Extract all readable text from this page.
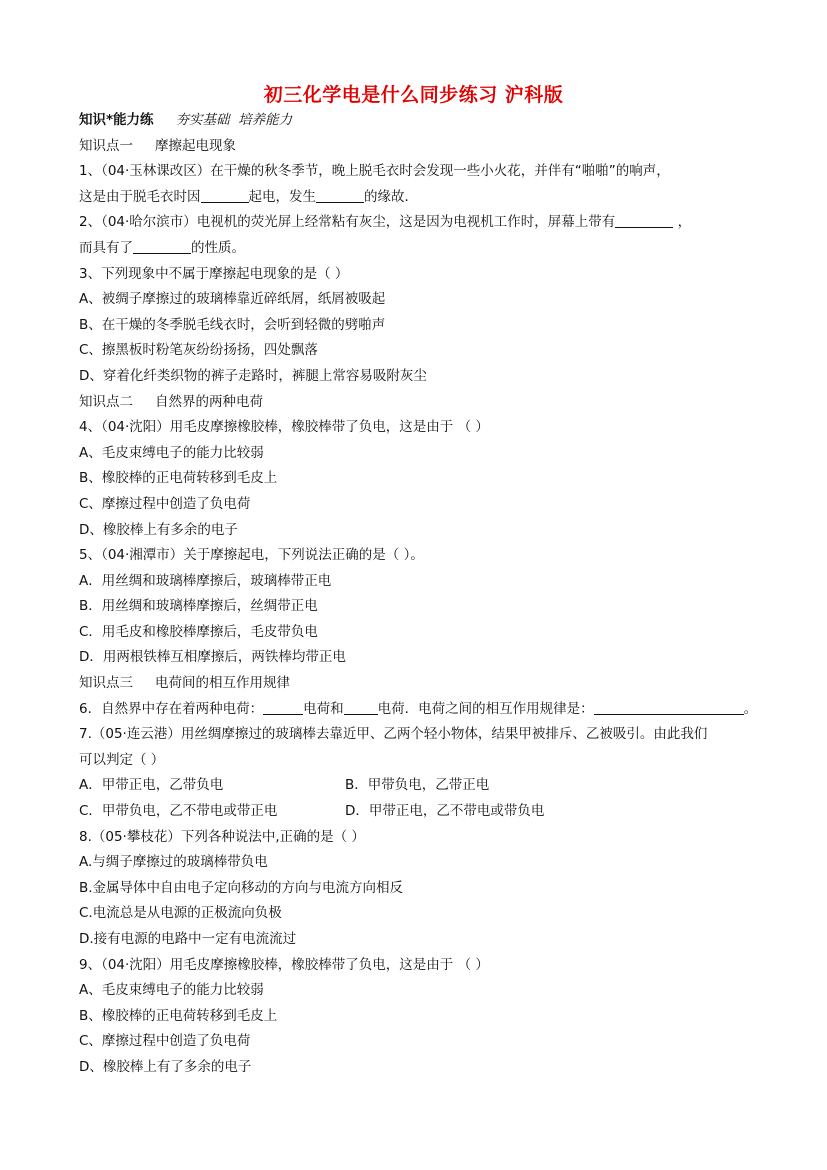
初三化学电是什么同步练习 沪科版
知识*能力练 夯实基础 培养能力
知识点一 摩擦起电现象
1、（04·玉林课改区）在干燥的秋冬季节，晚上脱毛衣时会发现一些小火花，并伴有“啪啪”的响声，
这是由于脱毛衣时因	起电，发生	的缘故．
2、（04·哈尔滨市）电视机的荧光屏上经常粘有灰尘，这是因为电视机工作时，屏幕上带有	，
而具有了	的性质。
3、下列现象中不属于摩擦起电现象的是（ ）
A、被绸子摩擦过的玻璃棒靠近碎纸屑，纸屑被吸起
B、在干燥的冬季脱毛线衣时，会听到轻微的劈啪声
C、擦黑板时粉笔灰纷纷扬扬，四处飘落
D、穿着化纤类织物的裤子走路时，裤腿上常容易吸附灰尘
知识点二 自然界的两种电荷
4、（04·沈阳）用毛皮摩擦橡胶棒，橡胶棒带了负电，这是由于 （ ）
A、毛皮束缚电子的能力比较弱
B、橡胶棒的正电荷转移到毛皮上
C、摩擦过程中创造了负电荷
D、橡胶棒上有多余的电子
5、（04·湘潭市）关于摩擦起电，下列说法正确的是（ ）。
A．用丝绸和玻璃棒摩擦后，玻璃棒带正电
B．用丝绸和玻璃棒摩擦后，丝绸带正电
C．用毛皮和橡胶棒摩擦后，毛皮带负电
D．用两根铁棒互相摩擦后，两铁棒均带正电
知识点三 电荷间的相互作用规律
6．自然界中存在着两种电荷：	电荷和	电荷．电荷之间的相互作用规律是：	。
7.（05·连云港）用丝绸摩擦过的玻璃棒去靠近甲、乙两个轻小物体，结果甲被排斥、乙被吸引。由此我们
可以判定（ ）
A．甲带正电，乙带负电	B．甲带负电，乙带正电
C．甲带负电，乙不带电或带正电	D．甲带正电，乙不带电或带负电
8.（05·攀枝花）下列各种说法中,正确的是（ ）
A.与绸子摩擦过的玻璃棒带负电
B.金属导体中自由电子定向移动的方向与电流方向相反
C.电流总是从电源的正极流向负极
D.接有电源的电路中一定有电流流过
9、（04·沈阳）用毛皮摩擦橡胶棒，橡胶棒带了负电，这是由于 （ ）
A、毛皮束缚电子的能力比较弱
B、橡胶棒的正电荷转移到毛皮上
C、摩擦过程中创造了负电荷
D、橡胶棒上有了多余的电子
